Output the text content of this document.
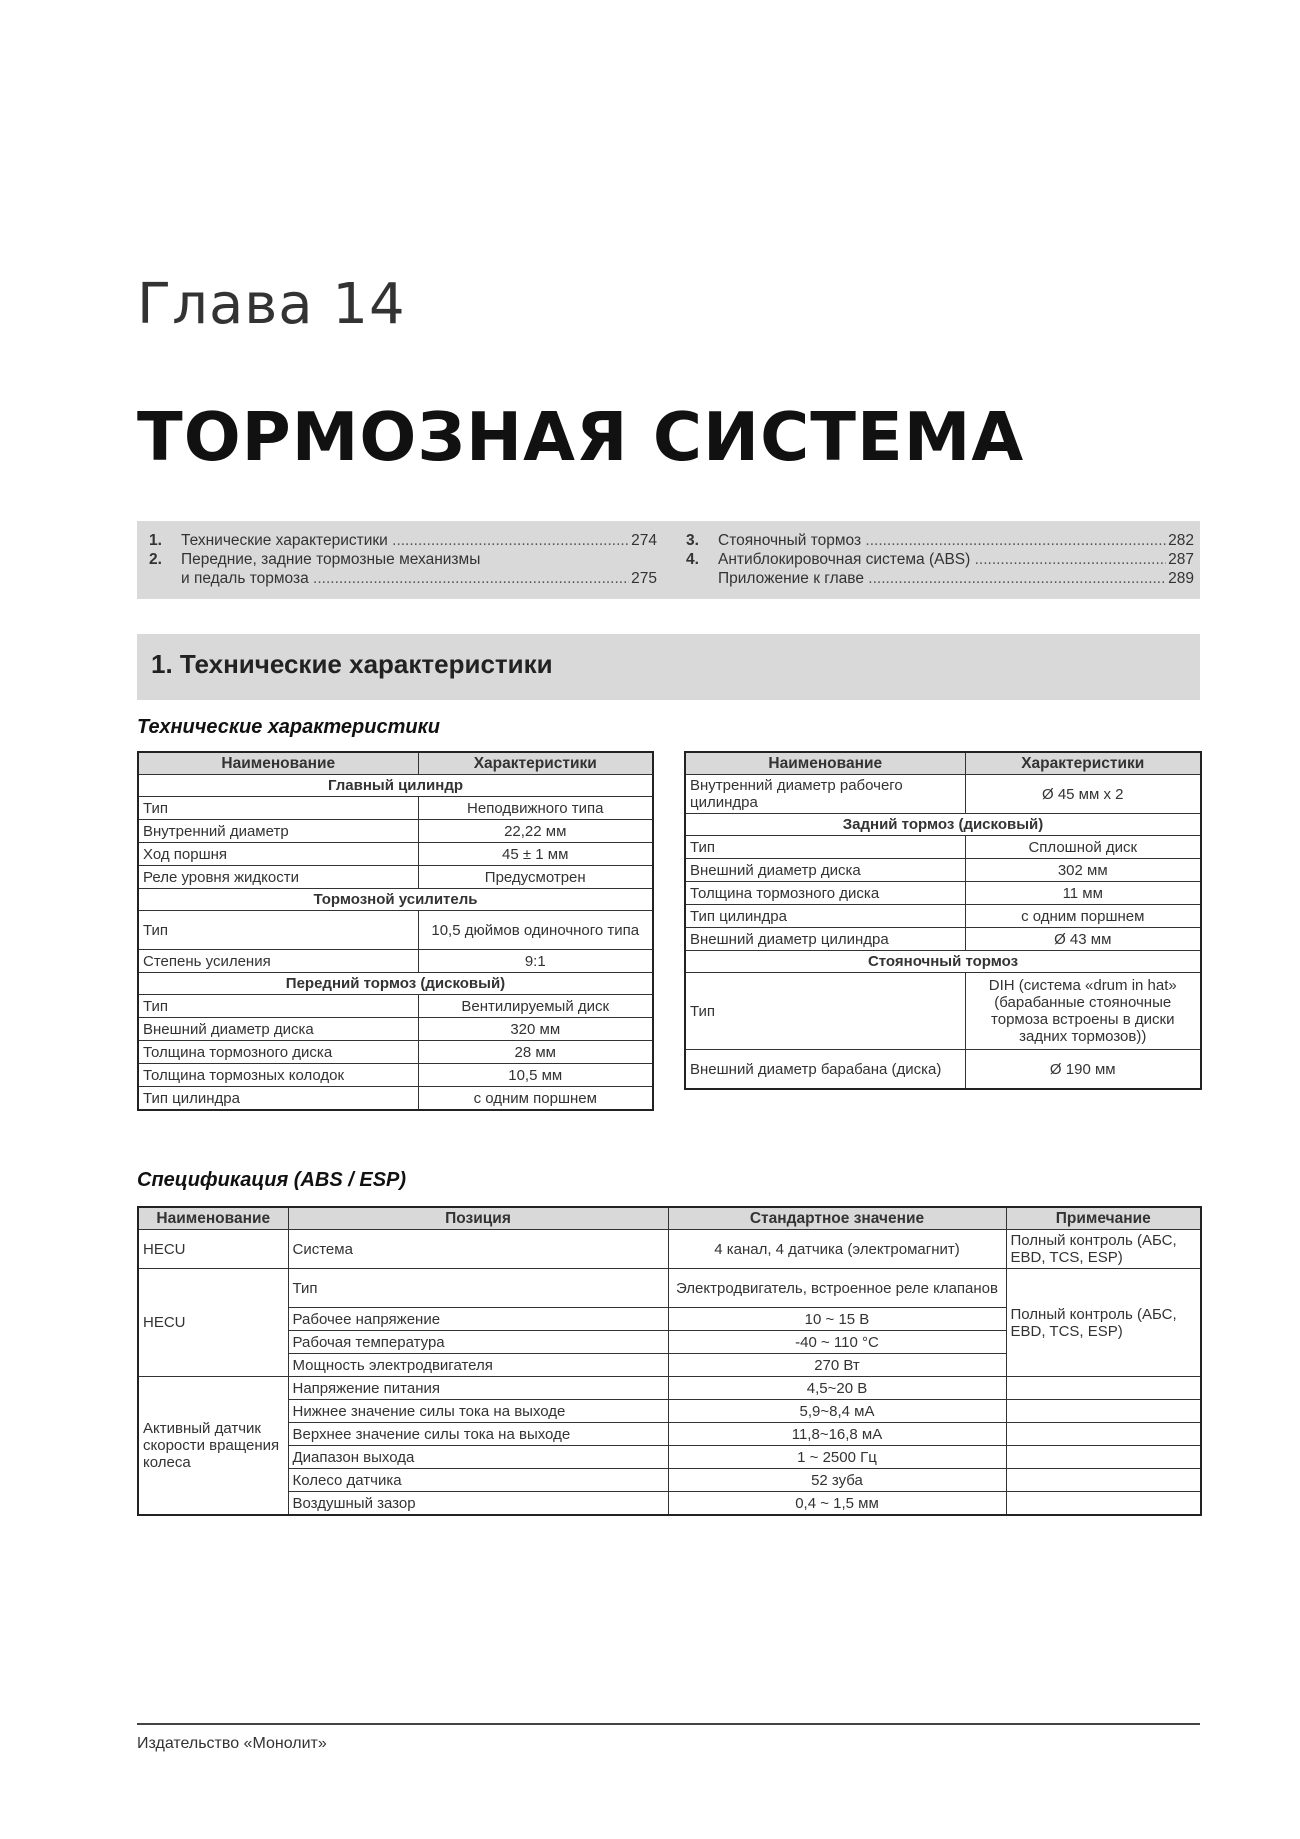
Глава 14
ТОРМОЗНАЯ СИСТЕМА
1.	Технические характеристики .....	274
2.	Передние, задние тормозные механизмы
и педаль тормоза .....	275
3.	Стояночный тормоз .....	282
4.	Антиблокировочная система (ABS) .....	287
Приложение к главе .....	289
1. Технические характеристики
Технические характеристики
Наименование	Характеристики
Главный цилиндр	
Тип	Неподвижного типа
Внутренний диаметр	22,22 мм
Ход поршня	45 ± 1 мм
Реле уровня жидкости	Предусмотрен
Тормозной усилитель	
Тип	10,5 дюймов одиночного типа
Степень усиления	9:1
Передний тормоз (дисковый)	
Тип	Вентилируемый диск
Внешний диаметр диска	320 мм
Толщина тормозного диска	28 мм
Толщина тормозных колодок	10,5 мм
Тип цилиндра	с одним поршнем
Наименование	Характеристики
Внутренний диаметр рабочего цилиндра	Ø 45 мм x 2
Задний тормоз (дисковый)	
Тип	Сплошной диск
Внешний диаметр диска	302 мм
Толщина тормозного диска	11 мм
Тип цилиндра	с одним поршнем
Внешний диаметр цилиндра	Ø 43 мм
Стояночный тормоз	
Тип	DIH (система «drum in hat» (барабанные стояночные тормоза встроены в диски задних тормозов))
Внешний диаметр барабана (диска)	Ø 190 мм
Спецификация (ABS / ESP)
Наименование	Позиция	Стандартное значение	Примечание
HECU	Система	4 канал, 4 датчика (электромагнит)	Полный контроль (АБС, EBD, TCS, ESP)
HECU	Тип	Электродвигатель, встроенное реле клапанов	Полный контроль (АБС, EBD, TCS, ESP)
	Рабочее напряжение	10 ~ 15 В	
	Рабочая температура	-40 ~ 110 °C	
	Мощность электродвигателя	270 Вт	
Активный датчик скорости вращения колеса	Напряжение питания	4,5~20 В	
	Нижнее значение силы тока на выходе	5,9~8,4 мА	
	Верхнее значение силы тока на выходе	11,8~16,8 мА	
	Диапазон выхода	1 ~ 2500 Гц	
	Колесо датчика	52 зуба	
	Воздушный зазор	0,4 ~ 1,5 мм	
Издательство «Монолит»
